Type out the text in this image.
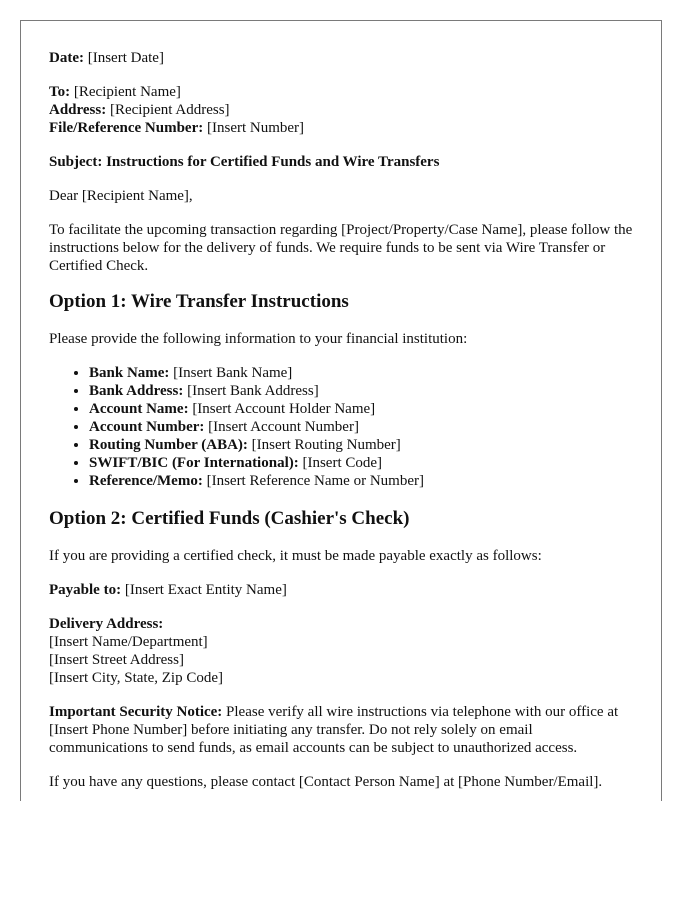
Date: [Insert Date]

To: [Recipient Name]
Address: [Recipient Address]
File/Reference Number: [Insert Number]

Subject: Instructions for Certified Funds and Wire Transfers

Dear [Recipient Name],

To facilitate the upcoming transaction regarding [Project/Property/Case Name], please follow the instructions below for the delivery of funds. We require funds to be sent via Wire Transfer or Certified Check.

Option 1: Wire Transfer Instructions

Please provide the following information to your financial institution:

• Bank Name: [Insert Bank Name]
• Bank Address: [Insert Bank Address]
• Account Name: [Insert Account Holder Name]
• Account Number: [Insert Account Number]
• Routing Number (ABA): [Insert Routing Number]
• SWIFT/BIC (For International): [Insert Code]
• Reference/Memo: [Insert Reference Name or Number]
Option 2: Certified Funds (Cashier's Check)

If you are providing a certified check, it must be made payable exactly as follows:

Payable to: [Insert Exact Entity Name]

Delivery Address:
[Insert Name/Department]
[Insert Street Address]
[Insert City, State, Zip Code]

Important Security Notice: Please verify all wire instructions via telephone with our office at [Insert Phone Number] before initiating any transfer. Do not rely solely on email communications to send funds, as email accounts can be subject to unauthorized access.

If you have any questions, please contact [Contact Person Name] at [Phone Number/Email].
